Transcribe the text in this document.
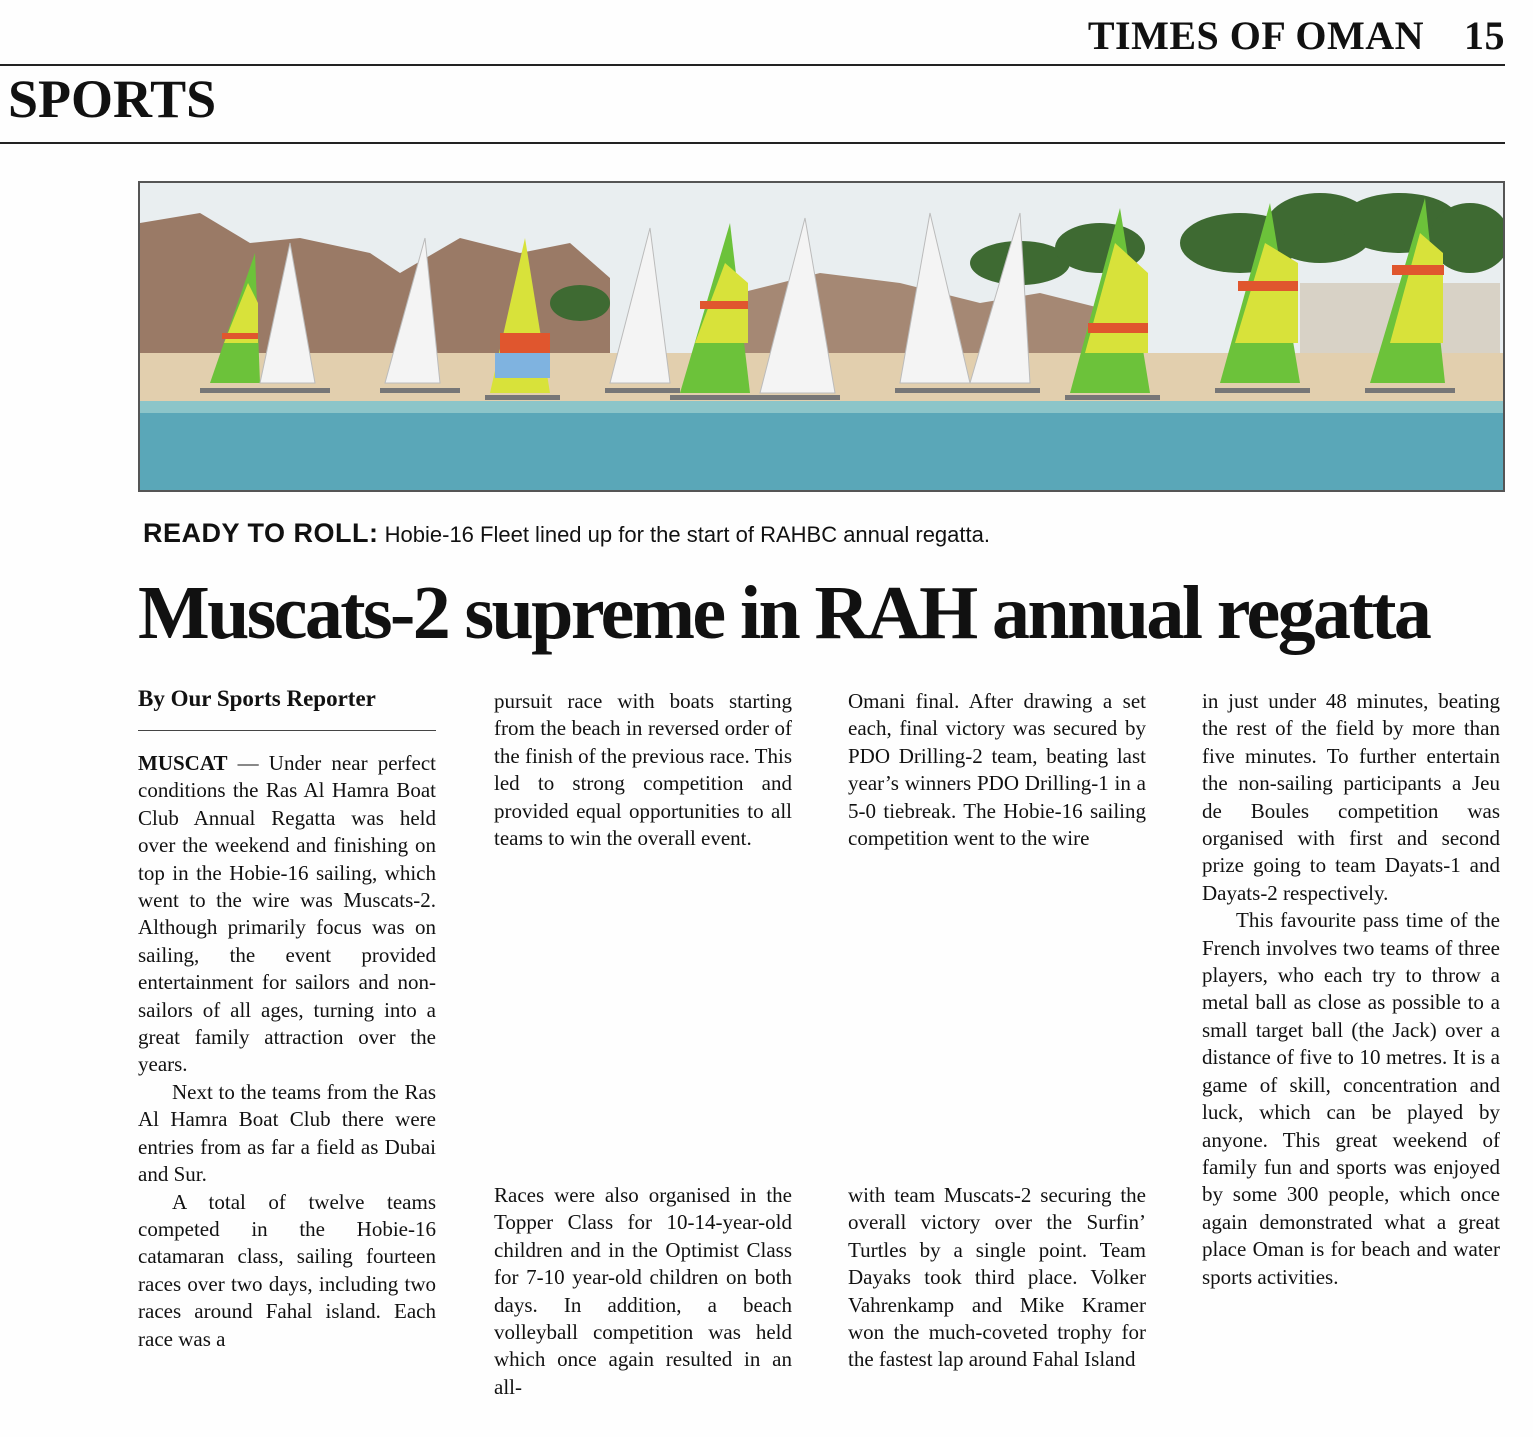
TIMES OF OMAN 15
SPORTS
READY TO ROLL: Hobie-16 Fleet lined up for the start of RAHBC annual regatta.
Muscats-2 supreme in RAH annual regatta
By Our Sports Reporter

MUSCAT — Under near perfect conditions the Ras Al Hamra Boat Club Annual Regatta was held over the weekend and finishing on top in the Hobie-16 sailing, which went to the wire was Muscats-2. Although primarily focus was on sailing, the event provided entertainment for sailors and non-sailors of all ages, turning into a great family attraction over the years.

Next to the teams from the Ras Al Hamra Boat Club there were entries from as far a field as Dubai and Sur.

A total of twelve teams competed in the Hobie-16 catamaran class, sailing fourteen races over two days, including two races around Fahal island. Each race was a

pursuit race with boats starting from the beach in reversed order of the finish of the previous race. This led to strong competition and provided equal opportunities to all teams to win the overall event.

Races were also organised in the Topper Class for 10-14-year-old children and in the Optimist Class for 7-10 year-old children on both days. In addition, a beach volleyball competition was held which once again resulted in an all-

Omani final. After drawing a set each, final victory was secured by PDO Drilling-2 team, beating last year’s winners PDO Drilling-1 in a 5-0 tiebreak. The Hobie-16 sailing competition went to the wire

with team Muscats-2 securing the overall victory over the Surfin’ Turtles by a single point. Team Dayaks took third place. Volker Vahrenkamp and Mike Kramer won the much-coveted trophy for the fastest lap around Fahal Island

in just under 48 minutes, beating the rest of the field by more than five minutes. To further entertain the non-sailing participants a Jeu de Boules competition was organised with first and second prize going to team Dayats-1 and Dayats-2 respectively.

This favourite pass time of the French involves two teams of three players, who each try to throw a metal ball as close as possible to a small target ball (the Jack) over a distance of five to 10 metres. It is a game of skill, concentration and luck, which can be played by anyone. This great weekend of family fun and sports was enjoyed by some 300 people, which once again demonstrated what a great place Oman is for beach and water sports activities.
